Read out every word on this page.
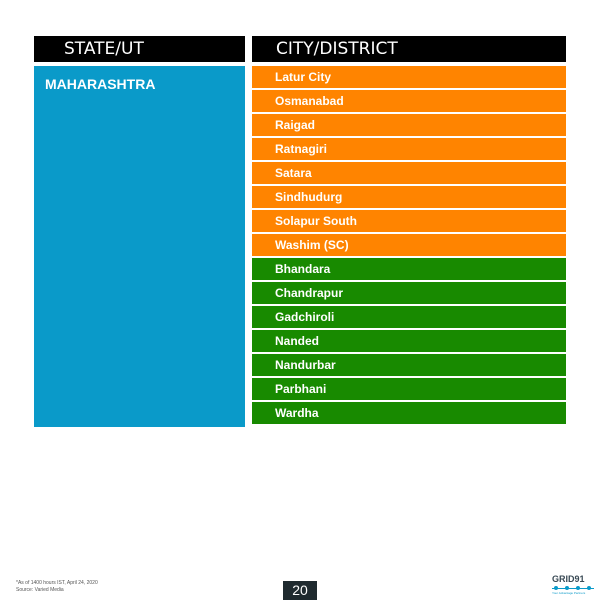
STATE/UT	CITY/DISTRICT
MAHARASHTRA	Latur City
Osmanabad
Raigad
Ratnagiri
Satara
Sindhudurg
Solapur South
Washim (SC)
Bhandara
Chandrapur
Gadchiroli
Nanded
Nandurbar
Parbhani
Wardha
*As of 1400 hours IST, April 24, 2020
Source: Varied Media	20
GRID91
Your Advantage Partners
